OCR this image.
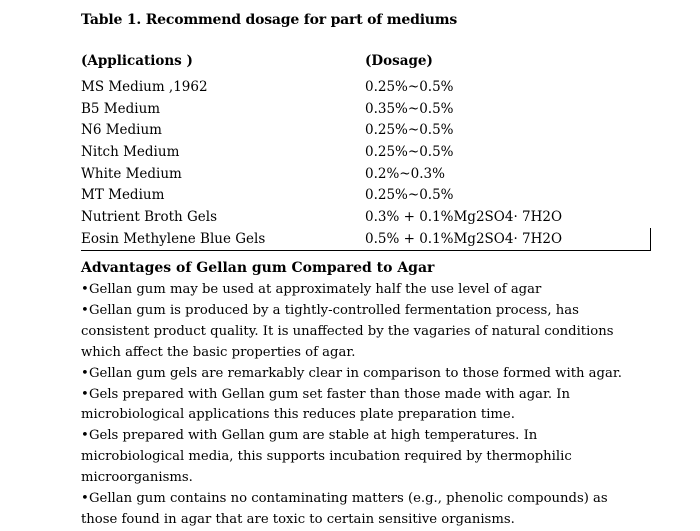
Table 1. Recommend dosage for part of mediums
(Applications )	(Dosage)
MS Medium ,1962	0.25%~0.5%
B5 Medium	0.35%~0.5%
N6 Medium	0.25%~0.5%
Nitch Medium	0.25%~0.5%
White Medium	0.2%~0.3%
MT Medium	0.25%~0.5%
Nutrient Broth Gels	0.3% + 0.1%Mg2SO4· 7H2O
Eosin Methylene Blue Gels	0.5% + 0.1%Mg2SO4· 7H2O
Advantages of Gellan gum Compared to Agar
•Gellan gum may be used at approximately half the use level of agar
•Gellan gum is produced by a tightly-controlled fermentation process, has consistent product quality. It is unaffected by the vagaries of natural conditions which affect the basic properties of agar.
•Gellan gum gels are remarkably clear in comparison to those formed with agar.
•Gels prepared with Gellan gum set faster than those made with agar. In microbiological applications this reduces plate preparation time.
•Gels prepared with Gellan gum are stable at high temperatures. In microbiological media, this supports incubation required by thermophilic microorganisms.
•Gellan gum contains no contaminating matters (e.g., phenolic compounds) as those found in agar that are toxic to certain sensitive organisms.
